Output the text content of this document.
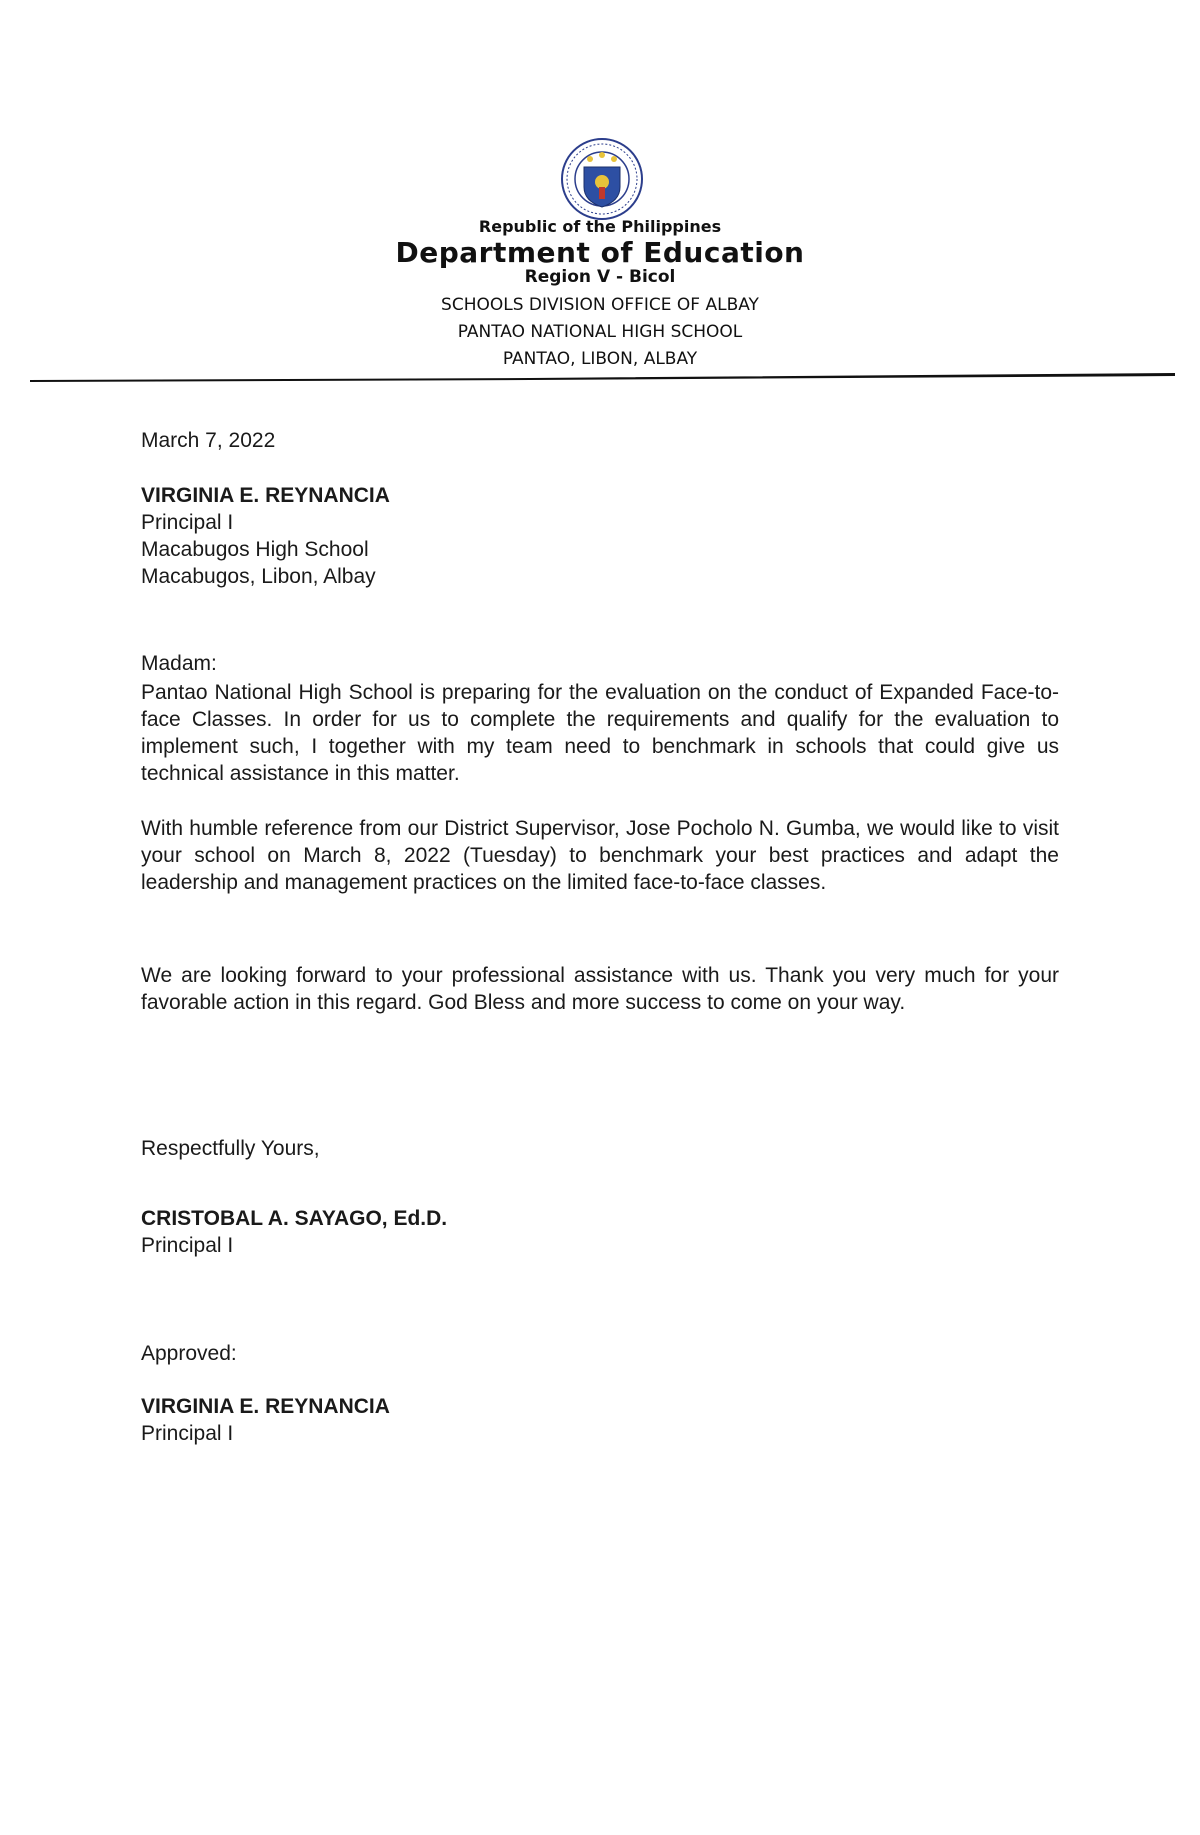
Republic of the Philippines
Department of Education
Region V - Bicol
SCHOOLS DIVISION OFFICE OF ALBAY
PANTAO NATIONAL HIGH SCHOOL
PANTAO, LIBON, ALBAY
March 7, 2022
VIRGINIA E. REYNANCIA
Principal I
Macabugos High School
Macabugos, Libon, Albay
Madam:
Pantao National High School is preparing for the evaluation on the conduct of Expanded Face-to-face Classes. In order for us to complete the requirements and qualify for the evaluation to implement such, I together with my team need to benchmark in schools that could give us technical assistance in this matter.
With humble reference from our District Supervisor, Jose Pocholo N. Gumba, we would like to visit your school on March 8, 2022 (Tuesday) to benchmark your best practices and adapt the leadership and management practices on the limited face-to-face classes.
We are looking forward to your professional assistance with us. Thank you very much for your favorable action in this regard. God Bless and more success to come on your way.
Respectfully Yours,
CRISTOBAL A. SAYAGO, Ed.D.
Principal I
Approved:
VIRGINIA E. REYNANCIA
Principal I
